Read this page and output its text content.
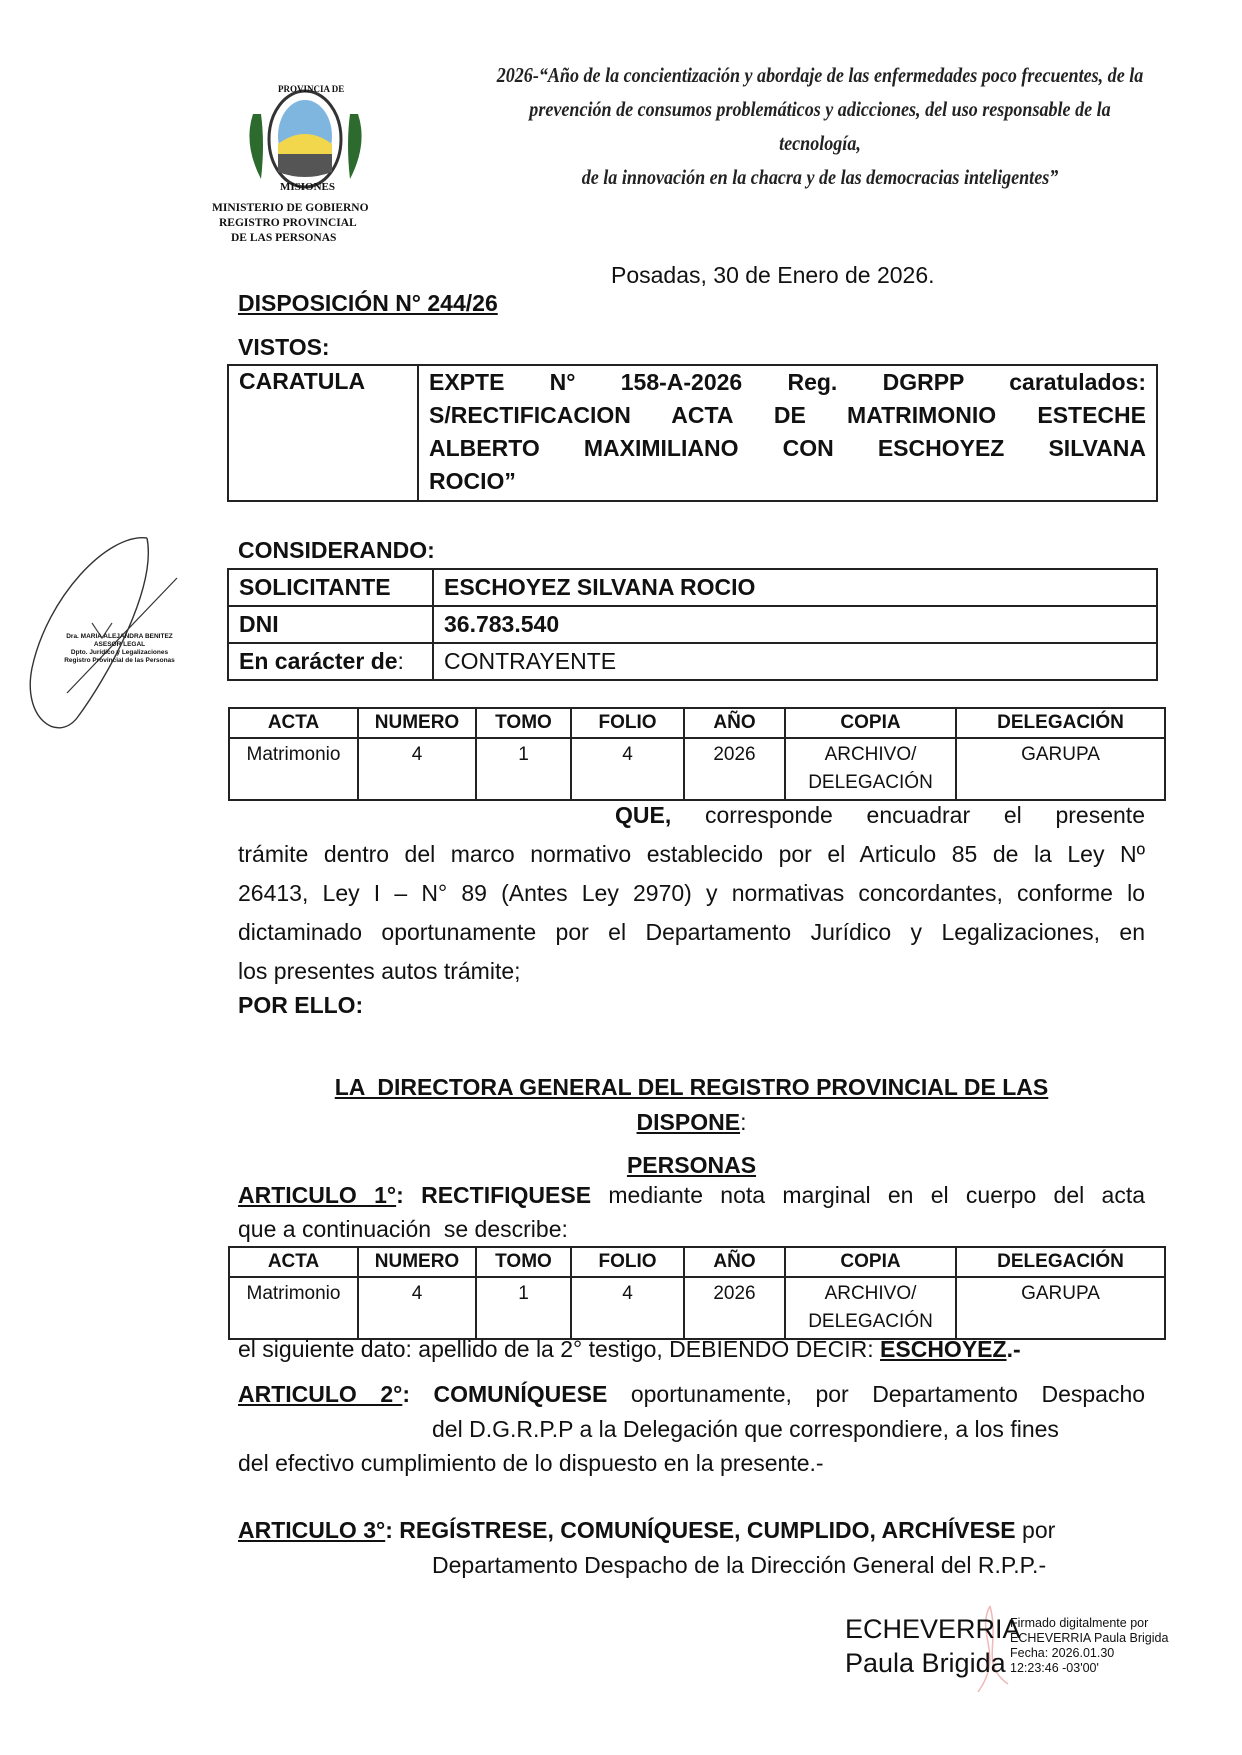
PROVINCIA DE
MISIONES
MINISTERIO DE GOBIERNO
REGISTRO PROVINCIAL
DE LAS PERSONAS
2026-“Año de la concientización y abordaje de las enfermedades poco frecuentes, de la
prevención de consumos problemáticos y adicciones, del uso responsable de la tecnología,
de la innovación en la chacra y de las democracias inteligentes”
Posadas, 30 de Enero de 2026.
DISPOSICIÓN N° 244/26
VISTOS:
CARATULA	EXPTE N° 158-A-2026 Reg. DGRPP caratulados:
S/RECTIFICACION ACTA DE MATRIMONIO ESTECHE
ALBERTO MAXIMILIANO CON ESCHOYEZ SILVANA
ROCIO”
CONSIDERANDO:
SOLICITANTE	ESCHOYEZ SILVANA ROCIO
DNI	36.783.540
En carácter de:	CONTRAYENTE
ACTA	NUMERO	TOMO	FOLIO	AÑO	COPIA	DELEGACIÓN
Matrimonio	4	1	4	2026	ARCHIVO/ DELEGACIÓN	GARUPA
QUE, corresponde encuadrar el presente
trámite dentro del marco normativo establecido por el Articulo 85 de la Ley Nº
26413, Ley I – N° 89 (Antes Ley 2970) y normativas concordantes, conforme lo
dictaminado oportunamente por el Departamento Jurídico y Legalizaciones, en
los presentes autos trámite;
POR ELLO:

LA  DIRECTORA GENERAL DEL REGISTRO PROVINCIAL DE LAS

PERSONAS

DISPONE:
ARTICULO 1°: RECTIFIQUESE mediante nota marginal en el cuerpo del acta
que a continuación  se describe:
ACTA	NUMERO	TOMO	FOLIO	AÑO	COPIA	DELEGACIÓN
Matrimonio	4	1	4	2026	ARCHIVO/ DELEGACIÓN	GARUPA
el siguiente dato: apellido de la 2° testigo, DEBIENDO DECIR: ESCHOYEZ.-
ARTICULO 2°: COMUNÍQUESE oportunamente, por Departamento Despacho
del D.G.R.P.P a la Delegación que correspondiere, a los fines
del efectivo cumplimiento de lo dispuesto en la presente.-
ARTICULO 3°: REGÍSTRESE, COMUNÍQUESE, CUMPLIDO, ARCHÍVESE por
Departamento Despacho de la Dirección General del R.P.P.-
Dra. MARIA ALEJANDRA BENITEZ
ASESOR LEGAL
Dpto. Jurídico y Legalizaciones
Registro Provincial de las Personas
ECHEVERRIA
Paula Brigida
Firmado digitalmente por
ECHEVERRIA Paula Brigida
Fecha: 2026.01.30
12:23:46 -03'00'
